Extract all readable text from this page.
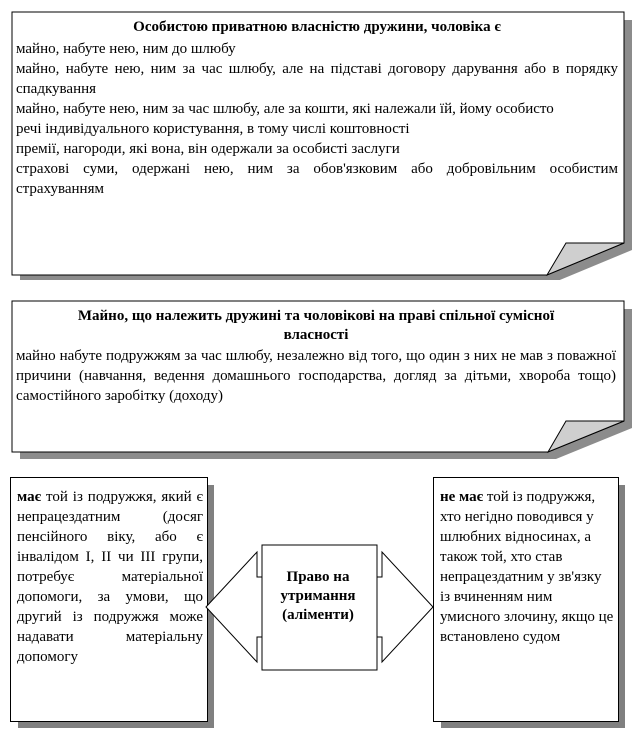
Особистою приватною власністю дружини, чоловіка є
майно, набуте нею, ним до шлюбу
майно, набуте нею, ним за час шлюбу, але на підставі договору дарування або в порядку спадкування
майно, набуте нею, ним за час шлюбу, але за кошти, які належали їй, йому особисто
речі індивідуального користування, в тому числі коштовності
премії, нагороди, які вона, він одержали за особисті заслуги
страхові суми, одержані нею, ним за обов'язковим або добровільним особистим страхуванням
Майно, що належить дружині та чоловікові на праві спільної сумісної власності
майно набуте подружжям за час шлюбу, незалежно від того, що один з них не мав з поважної причини (навчання, ведення домашнього господарства, догляд за дітьми, хвороба тощо) самостійного заробітку (доходу)
має той із подружжя, який є непрацездатним (досяг пенсійного віку, або є інвалідом I, II чи III групи, потребує матеріальної допомоги, за умови, що другий із подружжя може надавати матеріальну допомогу
Право на утримання (аліменти)
не має той із подружжя, хто негідно поводився у шлюбних відносинах, а також той, хто став непрацездатним у зв'язку із вчиненням ним умисного злочину, якщо це встановлено судом
